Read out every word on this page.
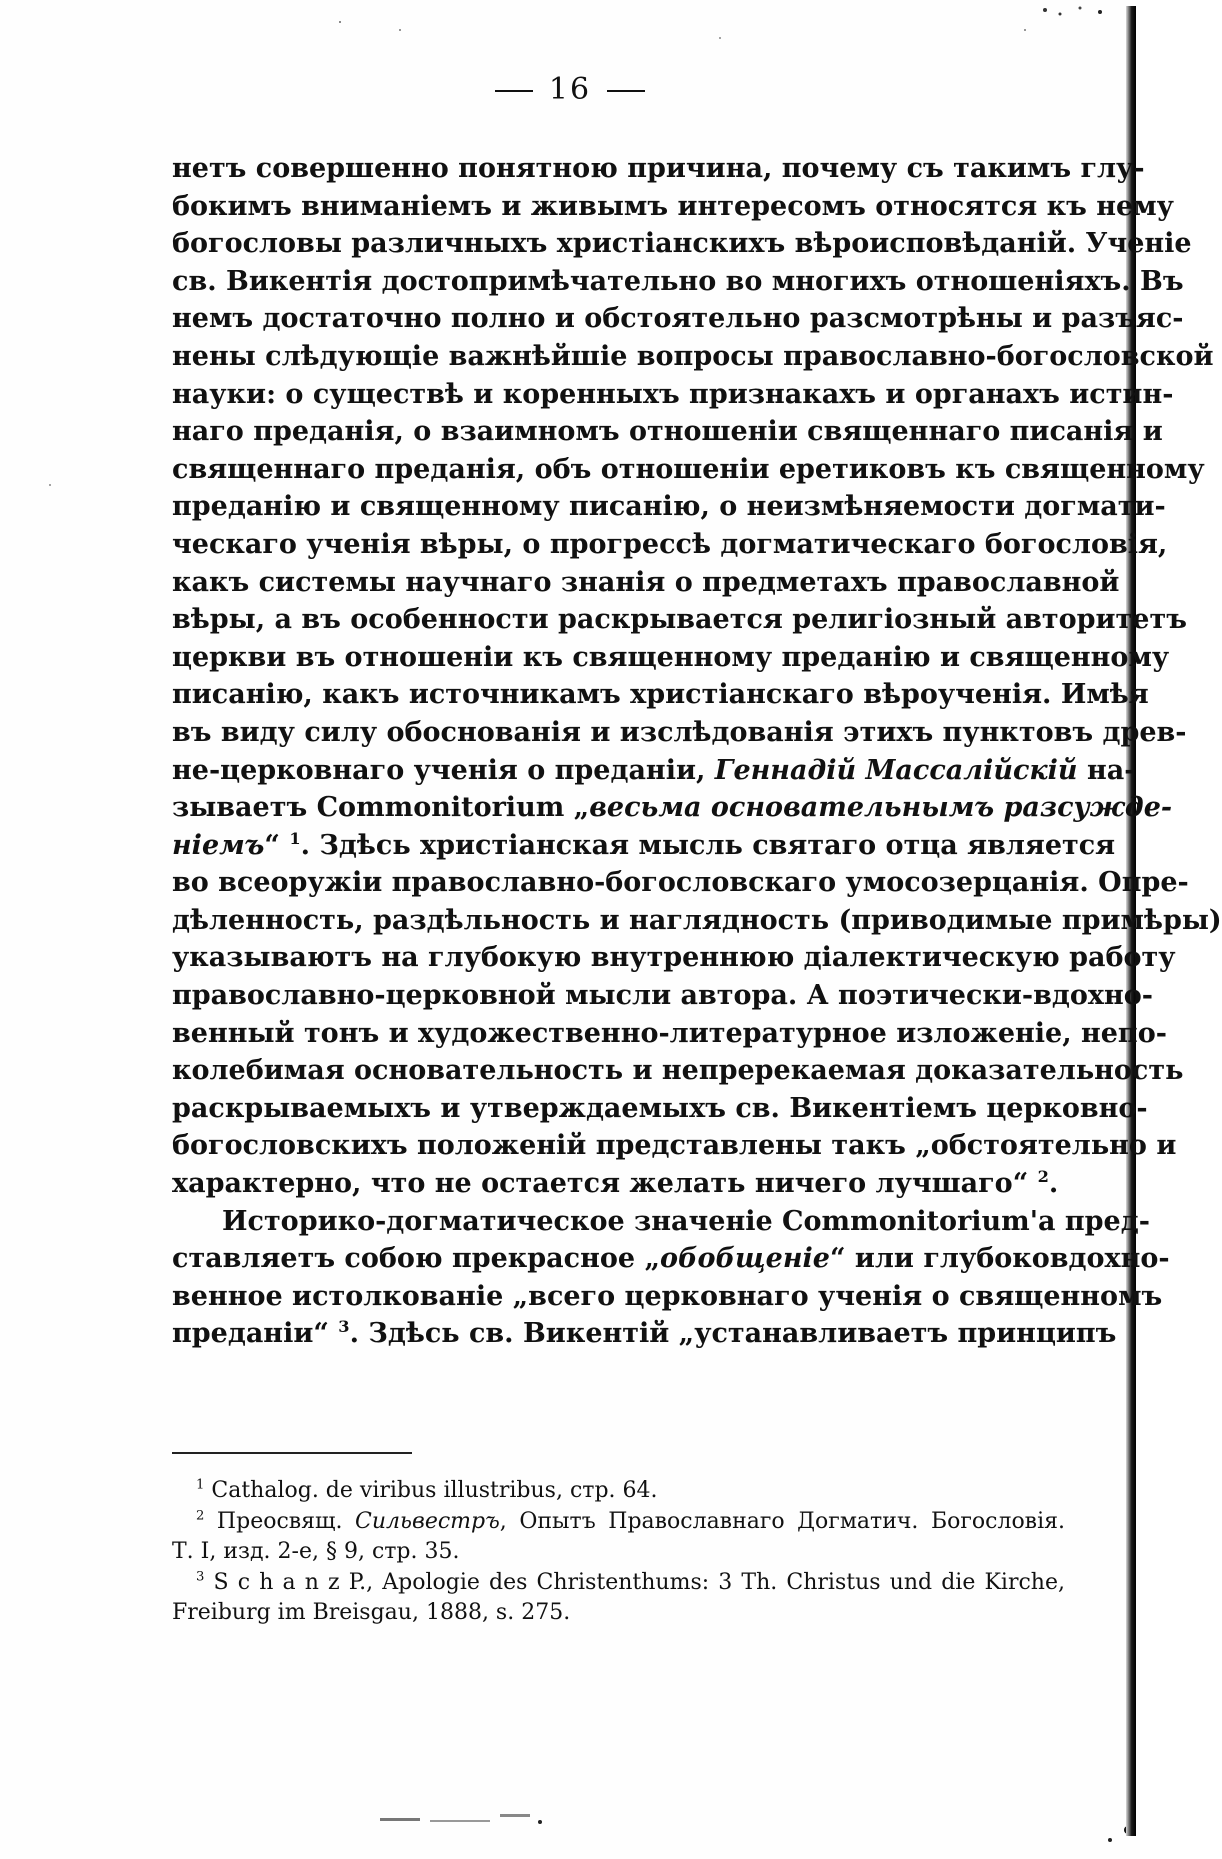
16
нетъ совершенно понятною причина, почему съ такимъ глу-
бокимъ вниманіемъ и живымъ интересомъ относятся къ нему
богословы различныхъ христіанскихъ вѣроисповѣданій. Ученіе
св. Викентія достопримѣчательно во многихъ отношеніяхъ. Въ
немъ достаточно полно и обстоятельно разсмотрѣны и разъяс-
нены слѣдующіе важнѣйшіе вопросы православно-богословской
науки: о существѣ и коренныхъ признакахъ и органахъ истин-
наго преданія, о взаимномъ отношеніи священнаго писанія и
священнаго преданія, объ отношеніи еретиковъ къ священному
преданію и священному писанію, о неизмѣняемости догмати-
ческаго ученія вѣры, о прогрессѣ догматическаго богословія,
какъ системы научнаго знанія о предметахъ православной
вѣры, а въ особенности раскрывается религіозный авторитетъ
церкви въ отношеніи къ священному преданію и священному
писанію, какъ источникамъ христіанскаго вѣроученія. Имѣя
въ виду силу обоснованія и изслѣдованія этихъ пунктовъ древ-
не-церковнаго ученія о преданіи, Геннадій Массалійскій на-
зываетъ Commonitorium „весьма основательнымъ разсужде-
ніемъ“ $^1$. Здѣсь христіанская мысль святаго отца является
во всеоружіи православно-богословскаго умосозерцанія. Опре-
дѣленность, раздѣльность и наглядность (приводимые примѣры)
указываютъ на глубокую внутреннюю діалектическую работу
православно-церковной мысли автора. А поэтически-вдохно-
венный тонъ и художественно-литературное изложеніе, непо-
колебимая основательность и непререкаемая доказательность
раскрываемыхъ и утверждаемыхъ св. Викентіемъ церковно-
богословскихъ положеній представлены такъ „обстоятельно и
характерно, что не остается желать ничего лучшаго“ $^2$.
Историко-догматическое значеніе Commonitorium'а пред-
ставляетъ собою прекрасное „обобщеніе“ или глубоковдохно-
венное истолкованіе „всего церковнаго ученія о священномъ
преданіи“ $^3$. Здѣсь св. Викентій „устанавливаетъ принципъ
$^1$ Cathalog. de viribus illustribus, стр. 64.
$^2$ Преосвящ. Сильвестръ, Опытъ Православнаго Догматич. Богословія.
Т. I, изд. 2-е, § 9, стр. 35.
$^3$ S c h a n z P., Apologie des Christenthums: 3 Th. Christus und die Kirche,
Freiburg im Breisgau, 1888, s. 275.
